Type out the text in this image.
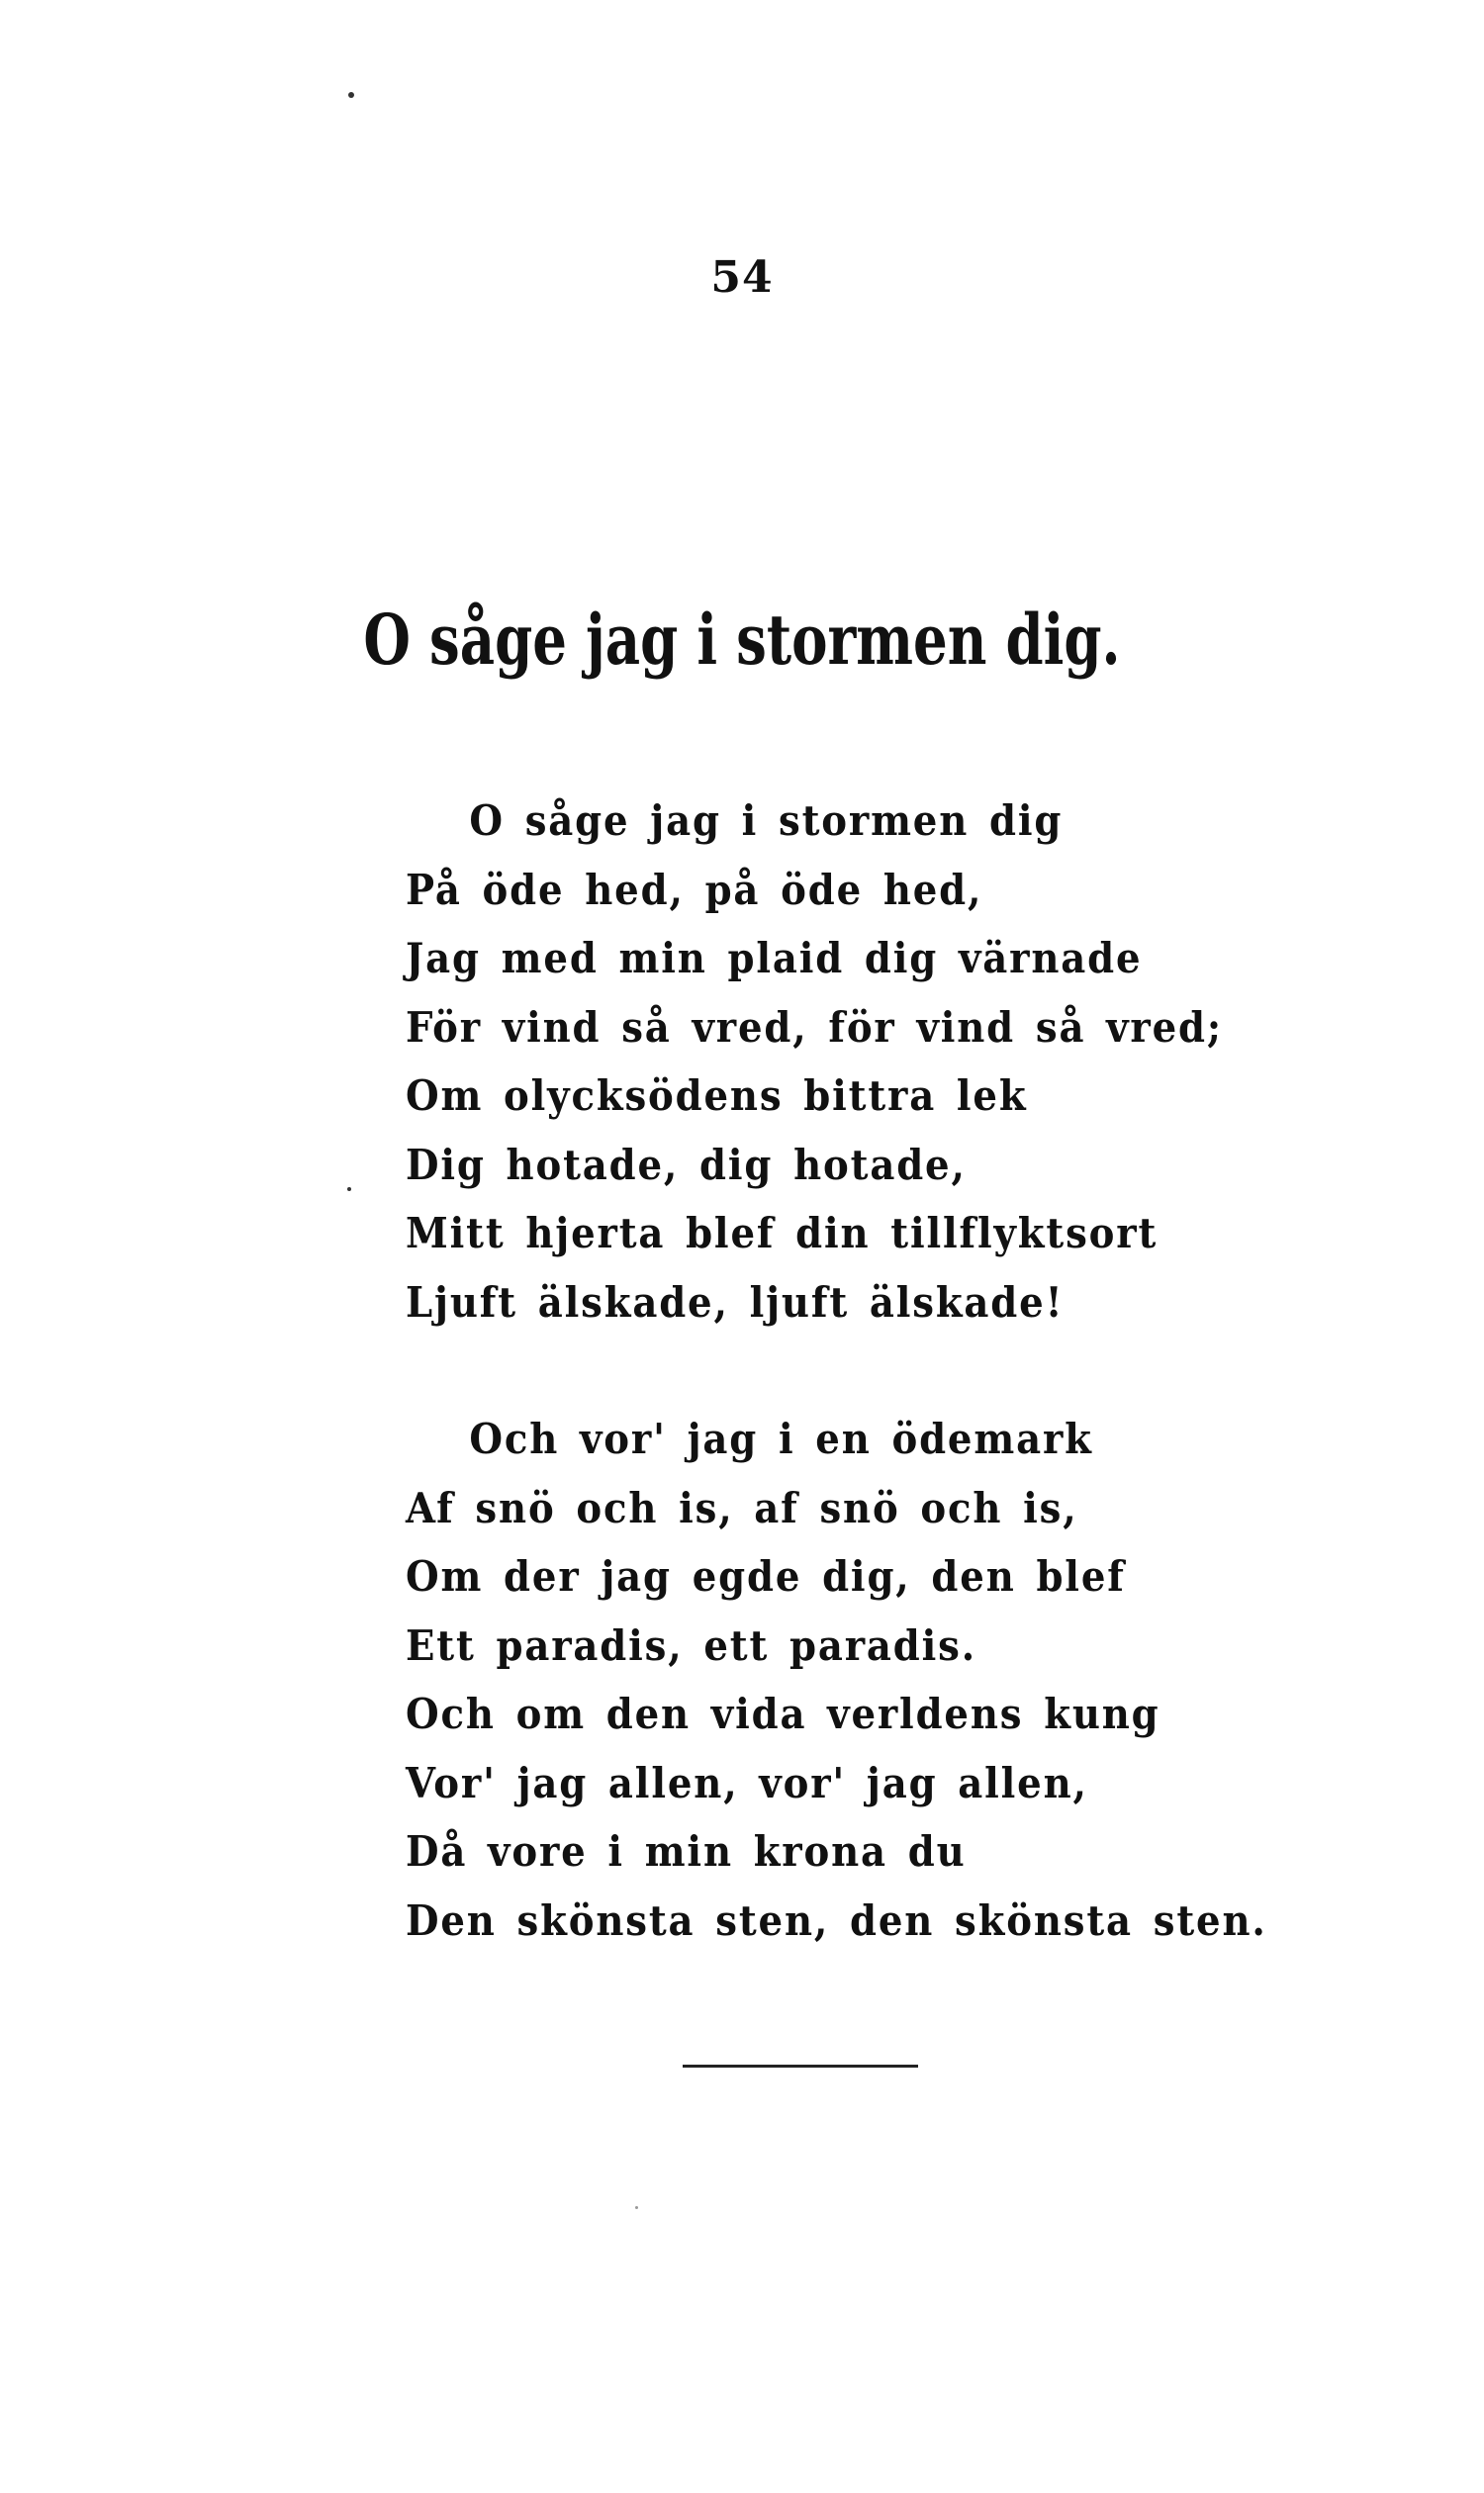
54
O såge jag i stormen dig.
O såge jag i stormen dig
På öde hed, på öde hed,
Jag med min plaid dig värnade
För vind så vred, för vind så vred;
Om olycksödens bittra lek
Dig hotade, dig hotade,
Mitt hjerta blef din tillflyktsort
Ljuft älskade, ljuft älskade!
Och vor' jag i en ödemark
Af snö och is, af snö och is,
Om der jag egde dig, den blef
Ett paradis, ett paradis.
Och om den vida verldens kung
Vor' jag allen, vor' jag allen,
Då vore i min krona du
Den skönsta sten, den skönsta sten.
